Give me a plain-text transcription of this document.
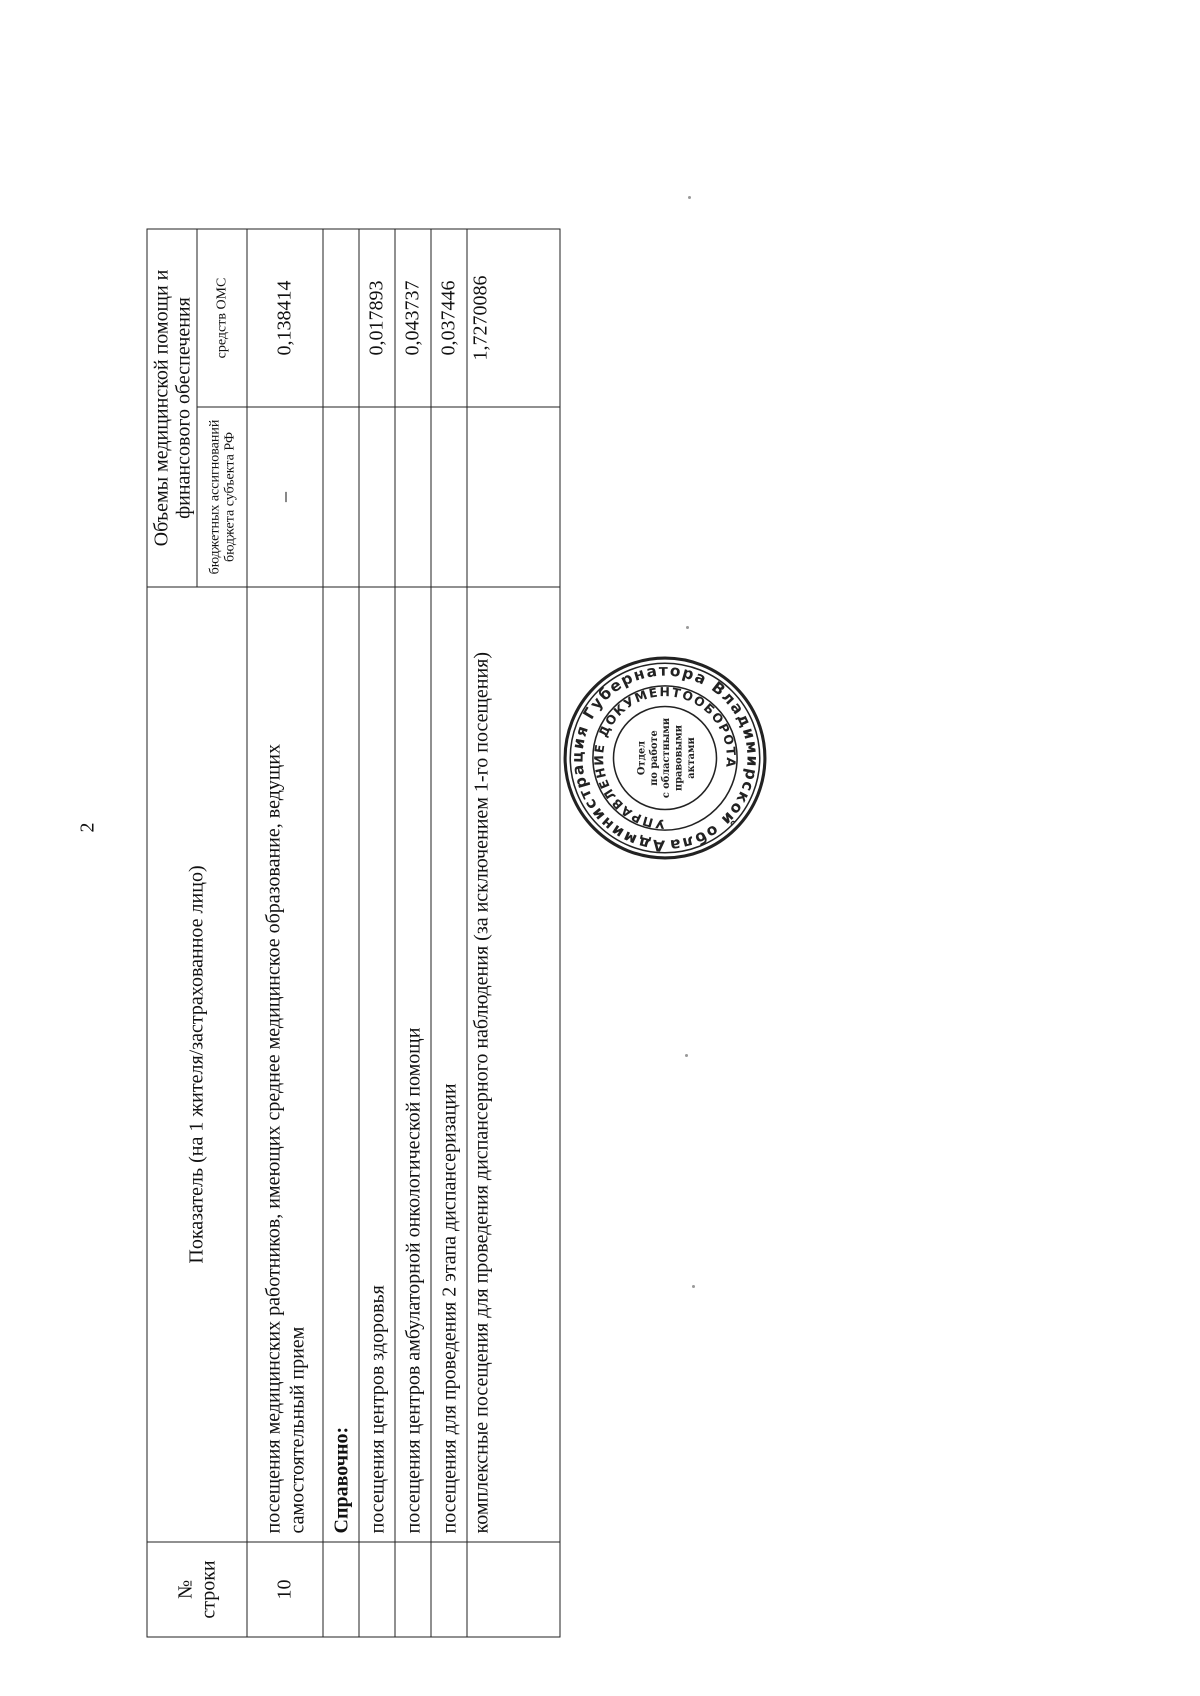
2
№ строки	Показатель (на 1 жителя/застрахованное лицо)	Объемы медицинской помощи и финансового обеспечения	
		бюджетных ассигнований бюджета субъекта РФ	средств ОМС
10	посещения медицинских работников, имеющих среднее медицинское образование, ведущих самостоятельный прием	–	0,138414
	Справочно:		
	посещения центров здоровья		0,017893
	посещения центров амбулаторной онкологической помощи		0,043737
	посещения для проведения 2 этапа диспансеризации		0,037446
	комплексные посещения для проведения диспансерного наблюдения (за исключением 1-го посещения)		1,7270086
Администрация Губернатора Владимирской обла
УПРАВЛЕНИЕ ДОКУМЕНТООБОРОТА
Отдел по работе с областными правовыми актами
